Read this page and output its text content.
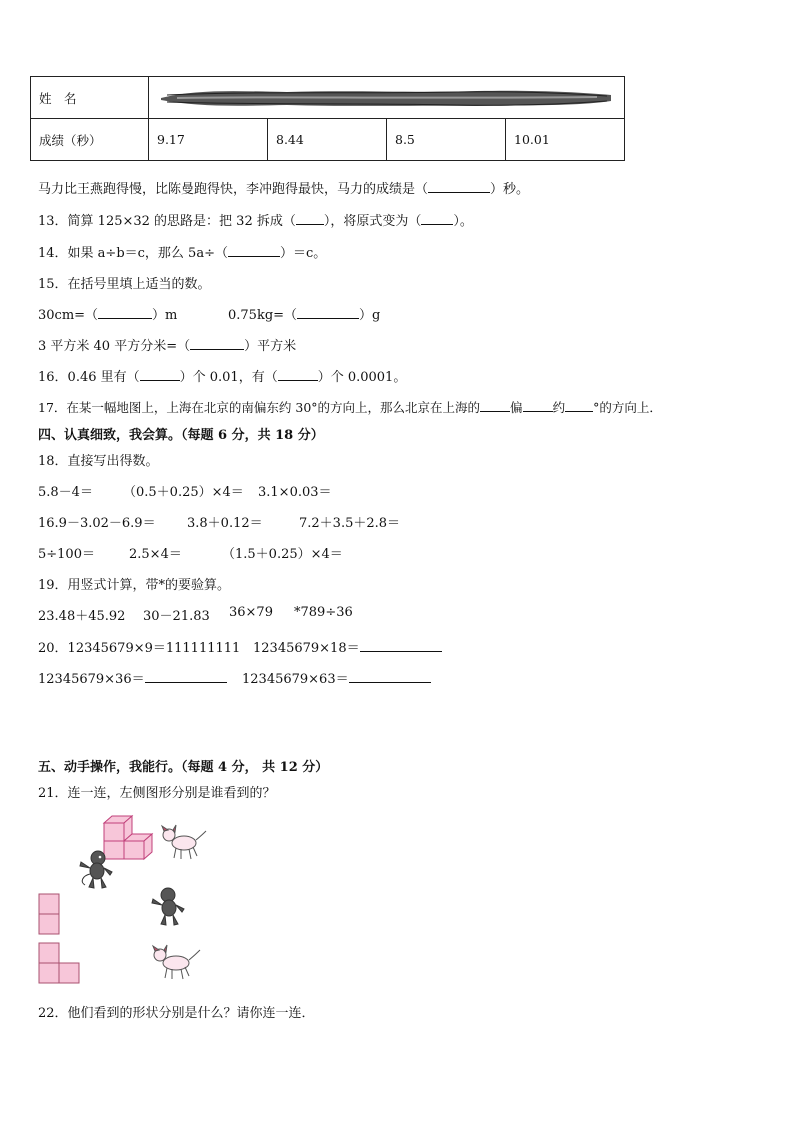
姓　名	

成绩（秒）	9.17	8.44	8.5	10.01
马力比王燕跑得慢，比陈曼跑得快，李冲跑得最快，马力的成绩是（	）秒。
13．简算 125×32 的思路是：把 32 拆成（ ），将原式变为（ ）。
14．如果 a÷b＝c，那么 5a÷（	）＝c。
15．在括号里填上适当的数。
30cm=（	）m	0.75kg=（	）g
3 平方米 40 平方分米=（	）平方米
16．0.46 里有（	）个 0.01，有（	）个 0.0001。
17．在某一幅地图上，上海在北京的南偏东约 30°的方向上，那么北京在上海的 偏 约 °的方向上．
四、认真细致，我会算。（每题 6 分，共 18 分）
18．直接写出得数。
5.8－4＝ （0.5＋0.25）×4＝ 3.1×0.03＝
16.9－3.02－6.9＝ 3.8＋0.12＝	7.2＋3.5＋2.8＝
5÷100＝	2.5×4＝	（1.5＋0.25）×4＝
19．用竖式计算，带*的要验算。
23.48＋45.92 30－21.83 36×79 *789÷36
20．12345679×9＝111111111 12345679×18＝
12345679×36＝	12345679×63＝
五、动手操作，我能行。（每题 4 分， 共 12 分）
21．连一连，左侧图形分别是谁看到的？
22．他们看到的形状分别是什么？请你连一连．
